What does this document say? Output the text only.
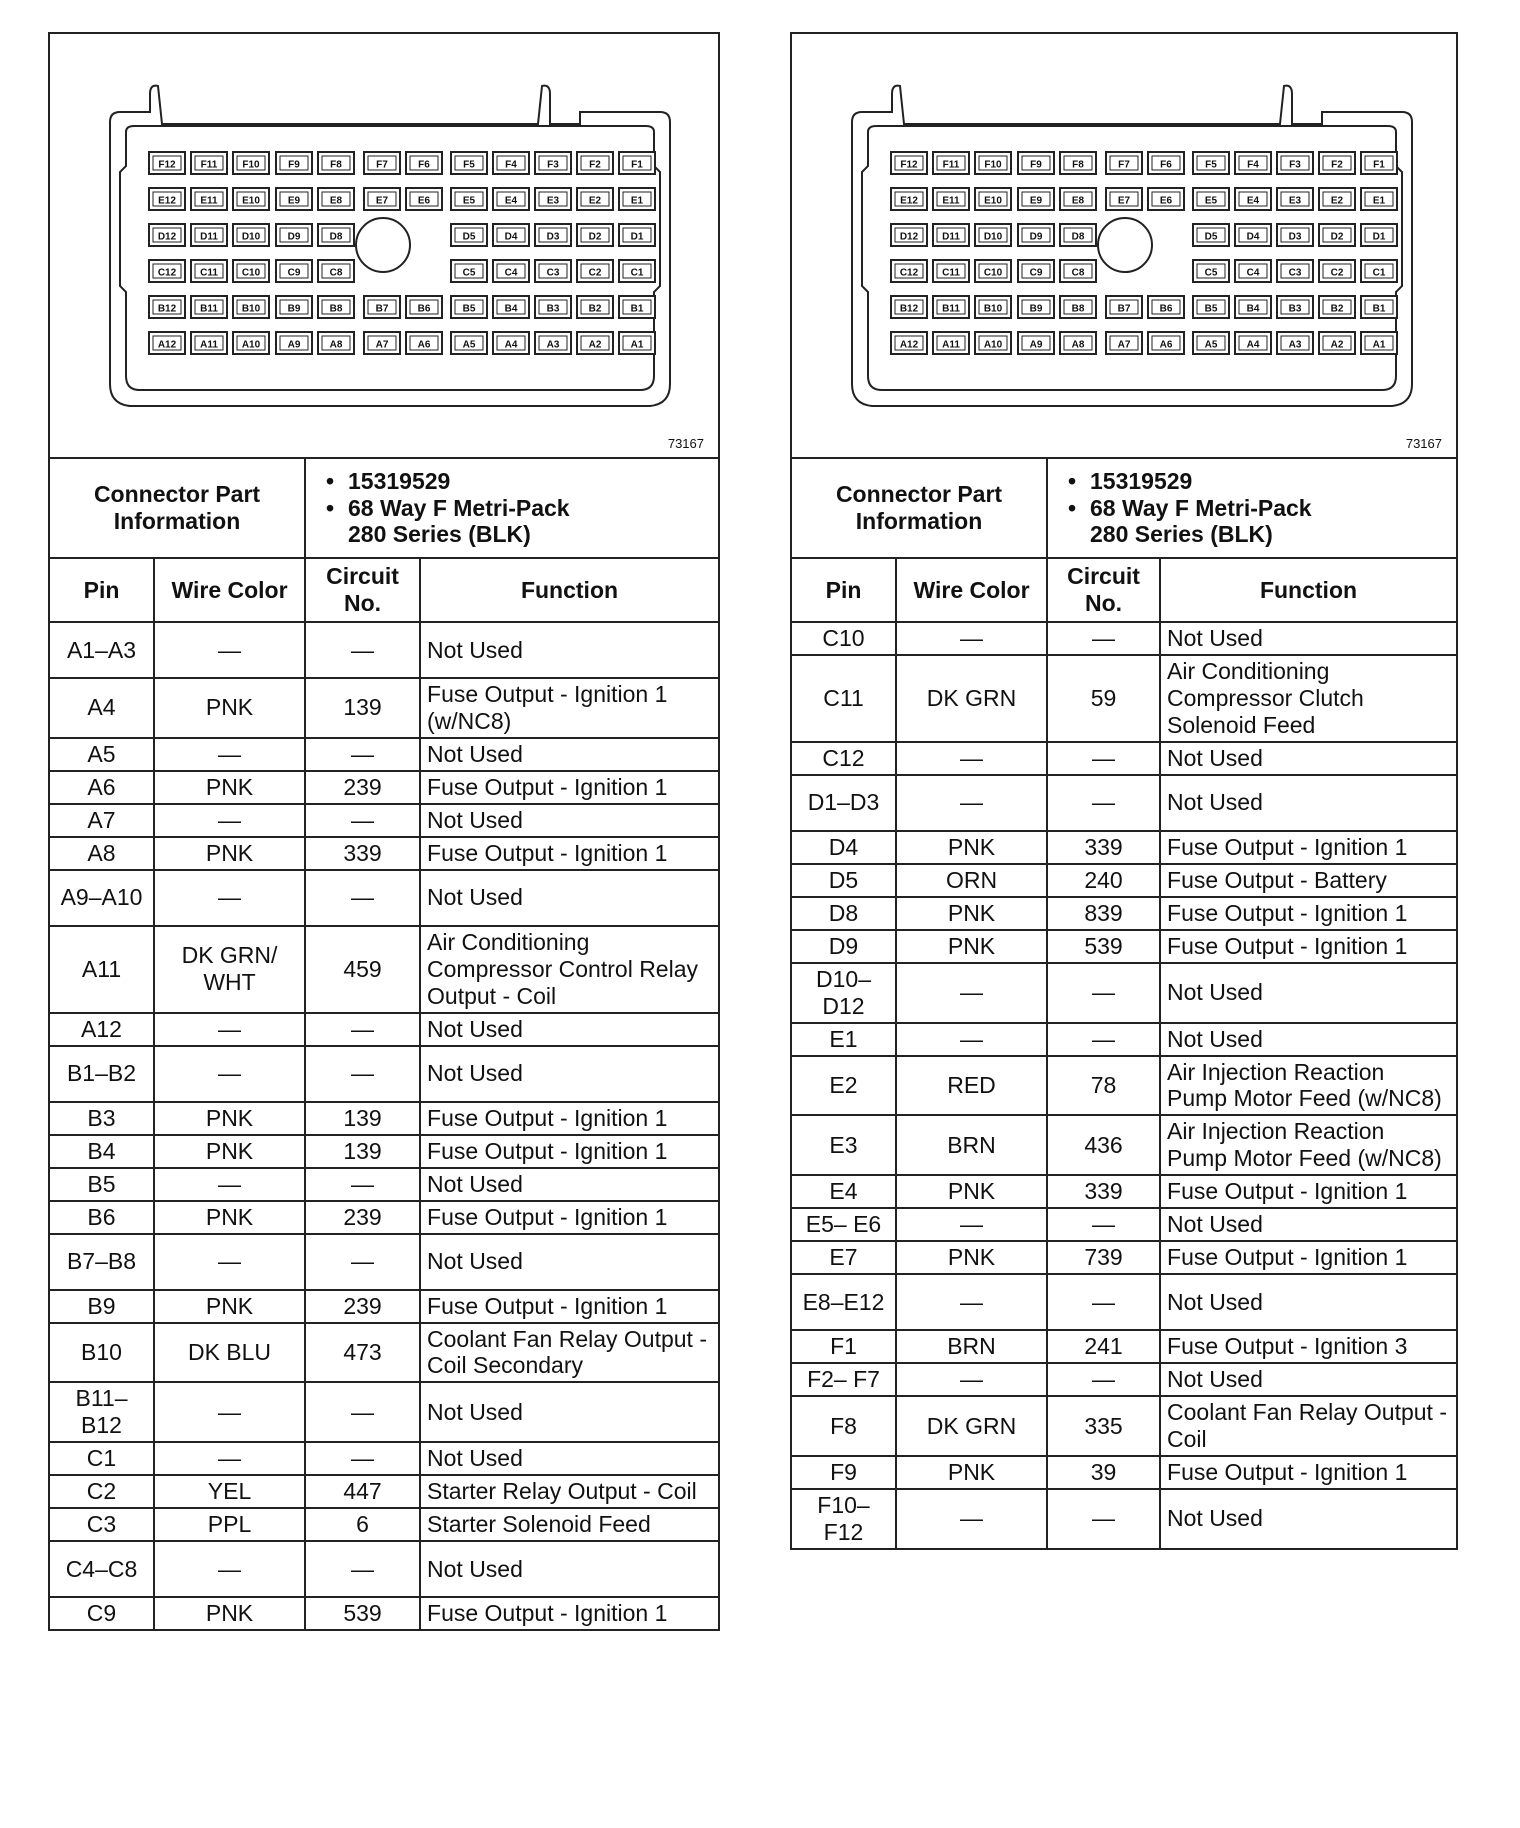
F12	F11	F10	F9	F8	F7	F6	F5	F4	F3	F2	F1
E12 E11 E10	E9	E8	E7	E6	E5	E4	E3	E2	E1
D12 D11 D10	D9	D8	D5	D4	D3	D2	D1
C12 C11 C10	C9	C8	C5	C4	C3	C2	C1
B12 B11 B10	B9	B8	B7	B6	B5	B4	B3	B2	B1
A12 A11 A10	A9	A8	A7	A6	A5	A4	A3	A2	A1
73167
Connector Part Information		• 15319529
• 68 Way F Metri-Pack
280 Series (BLK)

Pin	Wire Color	Circuit No.	Function
A1–A3	—	—	Not Used
A4	PNK	139	Fuse Output - Ignition 1 (w/NC8)
A5	—	—	Not Used
A6	PNK	239	Fuse Output - Ignition 1
A7	—	—	Not Used
A8	PNK	339	Fuse Output - Ignition 1
A9–A10	—	—	Not Used
A11	DK GRN/ WHT	459	Air Conditioning Compressor Control Relay Output - Coil
A12	—	—	Not Used
B1–B2	—	—	Not Used
B3	PNK	139	Fuse Output - Ignition 1
B4	PNK	139	Fuse Output - Ignition 1
B5	—	—	Not Used
B6	PNK	239	Fuse Output - Ignition 1
B7–B8	—	—	Not Used
B9	PNK	239	Fuse Output - Ignition 1
B10	DK BLU	473	Coolant Fan Relay Output - Coil Secondary
B11–B12	—	—	Not Used
C1	—	—	Not Used
C2	YEL	447	Starter Relay Output - Coil
C3	PPL	6	Starter Solenoid Feed
C4–C8	—	—	Not Used
C9	PNK	539	Fuse Output - Ignition 1
F12	F11	F10	F9	F8	F7	F6	F5	F4	F3	F2	F1
E12 E11 E10	E9	E8	E7	E6	E5	E4	E3	E2	E1
D12 D11 D10	D9	D8	D5	D4	D3	D2	D1
C12 C11 C10	C9	C8	C5	C4	C3	C2	C1
B12 B11 B10	B9	B8	B7	B6	B5	B4	B3	B2	B1
A12 A11 A10	A9	A8	A7	A6	A5	A4	A3	A2	A1
73167
Connector Part Information		• 15319529
• 68 Way F Metri-Pack
280 Series (BLK)

Pin	Wire Color	Circuit No.	Function
C10	—	—	Not Used
C11	DK GRN	59	Air Conditioning Compressor Clutch Solenoid Feed
C12	—	—	Not Used
D1–D3	—	—	Not Used
D4	PNK	339	Fuse Output - Ignition 1
D5	ORN	240	Fuse Output - Battery
D8	PNK	839	Fuse Output - Ignition 1
D9	PNK	539	Fuse Output - Ignition 1
D10–D12	—	—	Not Used
E1	—	—	Not Used
E2	RED	78	Air Injection Reaction Pump Motor Feed (w/NC8)
E3	BRN	436	Air Injection Reaction Pump Motor Feed (w/NC8)
E4	PNK	339	Fuse Output - Ignition 1
E5– E6	—	—	Not Used
E7	PNK	739	Fuse Output - Ignition 1
E8–E12	—	—	Not Used
F1	BRN	241	Fuse Output - Ignition 3
F2– F7	—	—	Not Used
F8	DK GRN	335	Coolant Fan Relay Output - Coil
F9	PNK	39	Fuse Output - Ignition 1
F10–F12	—	—	Not Used
